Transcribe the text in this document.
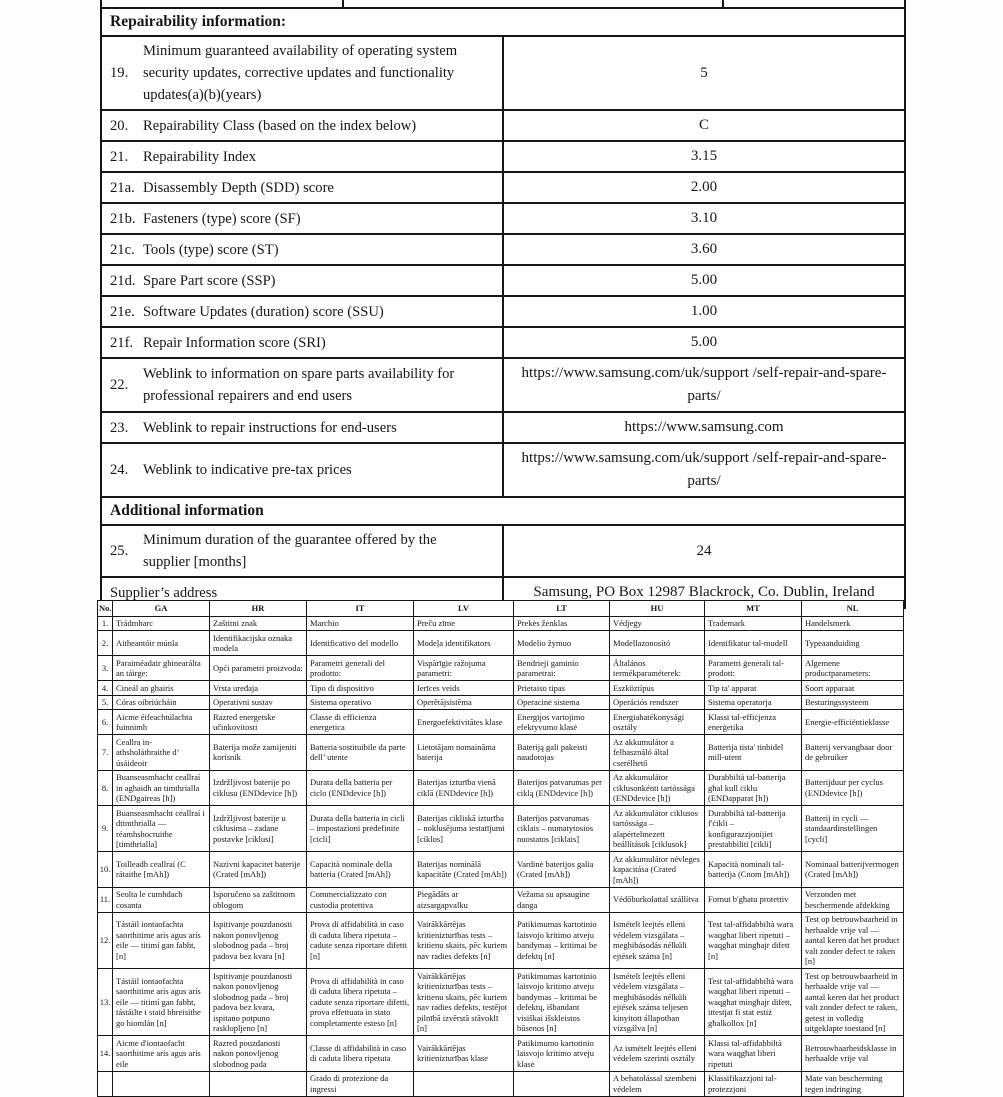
Repairability information:	

19.
Minimum guaranteed availability of operating system security updates, corrective updates and functionality updates(a)(b)(years)	5

20. Repairability Class (based on the index below)	C

21. Repairability Index	3.15

21a. Disassembly Depth (SDD) score	2.00

21b. Fasteners (type) score (SF)	3.10

21c. Tools (type) score (ST)	3.60

21d. Spare Part score (SSP)	5.00

21e. Software Updates (duration) score (SSU)	1.00

21f. Repair Information score (SRI)	5.00

22.
Weblink to information on spare parts availability for professional repairers and end users	https://www.samsung.com/uk/support /self-repair-and-spare-parts/

23. Weblink to repair instructions for end-users	https://www.samsung.com

24. Weblink to indicative pre-tax prices	https://www.samsung.com/uk/support /self-repair-and-spare-parts/
Additional information	

25.
Minimum duration of the guarantee offered by the supplier [months]	24

Supplier’s address	Samsung, PO Box 12987 Blackrock, Co. Dublin, Ireland
No.	GA	HR	IT	LV	LT	HU	MT	NL
1.	Trádmharc	Zaštitni znak	Marchio	Preču zīme	Prekės ženklas	Védjegy	Trademark	Handelsmerk
2.	Aitheantóir múnla	Identifikacijska oznaka modela	Identificativo del modello	Modeļa identifikators	Modelio žymuo	Modellazonosító	Identifikatur tal-mudell	Typeaanduiding
3.	Paraiméadair ghinearálta an táirge:	Opći parametri proizvoda:	Parametri generali del prodotto:	Vispārīgie ražojuma parametri:	Bendrieji gaminio parametrai:	Általános termékparaméterek:	Parametri ġenerali tal-prodott:	Algemene productparameters:
4.	Cineál an ghairis	Vrsta uređaja	Tipo di dispositivo	Ierīces veids	Prietaiso tipas	Eszköztípus	Tip ta' apparat	Soort apparaat
5.	Córas oibriúcháin	Operativni sustav	Sistema operativo	Operētājsistēma	Operacinė sistema	Operációs rendszer	Sistema operatorja	Besturingssysteem
6.	Aicme éifeachtúlachta fuinnimh	Razred energetske učinkovitosti	Classe di efficienza energetica	Energoefektivitātes klase	Energijos vartojimo efektyvumo klasė	Energiahatékonysági osztály	Klassi tal-effiċjenza enerġetika	Energie-efficiëntieklasse
7.	Ceallra in-athsholáthraithe d’ úsáideoir	Baterija može zamijeniti korisnik	Batteria sostituibile da parte dell’ utente	Lietotājam nomaināma baterija	Bateriją gali pakeisti naudotojas	Az akkumulátor a felhasználó által cserélhető	Batterija tista' tinbidel mill-utent	Batterij vervangbaar door de gebruiker
8.	Buanseasmhacht ceallraí in aghaidh an timthrialla (ENDgaireas [h])	Izdržljivost baterije po ciklusu (ENDdevice [h])	Durata della batteria per ciclo (ENDdevice [h])	Baterijas izturība vienā ciklā (ENDdevice [h])	Baterijos patvarumas per ciklą (ENDdevice [h])	Az akkumulátor ciklusonkénti tartóssága (ENDdevice [h])	Durabbiltà tal-batterija għal kull ċiklu (ENDapparat [h])	Batterijduur per cyclus (ENDdevice [h])
9.	Buanseasmhacht ceallraí i dtimthrialla — réamhshocruithe [timthrialla]	Izdržljivost baterije u ciklusima – zadane postavke [ciklusi]	Durata della batteria in cicli – impostazioni predefinite [cicli]	Baterijas cikliskā izturība – noklusējuma iestatījumi [ciklos]	Baterijos patvarumas ciklais – numatytosios nuostatos [ciklais]	Az akkumulátor ciklusos tartóssága – alapértelmezett beállítások [ciklusok]	Durabbiltà tal-batterija f'ċikli – konfigurazzjonijiet prestabbiliti [ċikli]	Batterij in cycli — standaardinstellingen [cycli]
10.	Toilleadh ceallraí (C rátaithe [mAh])	Nazivni kapacitet baterije (Crated [mAh])	Capacità nominale della batteria (Crated [mAh])	Baterijas nominālā kapacitāte (Crated [mAh])	Vardinė baterijos galia (Crated [mAh])	Az akkumulátor névleges kapacitása (Crated [mAh])	Kapaċità nominali tal-batterija (Cnom [mAh])	Nominaal batterijvermogen (Crated [mAh])
11.	Seolta le cumhdach cosanta	Isporučeno sa zaštitnom oblogom	Commercializzato con custodia protettiva	Piegādāts ar aizsargapvalku	Vežama su apsaugine danga	Védőburkolattal szállítva	Fornut b'għatu protettiv	Verzonden met beschermende afdekking
12.	Tástáil iontaofachta saorthitime arís agus arís eile — titimí gan fabht, [n]	Ispitivanje pouzdanosti nakon ponovljenog slobodnog pada – broj padova bez kvara [n]	Prova di affidabilità in caso di caduta libera ripetuta – cadute senza riportare difetti [n]	Vairākkārtējas kritienizturības tests – kritienu skaits, pēc kuriem nav radies defekts [n]	Patikimumas kartotinio laisvojo kritimo atveju bandymas – kritimai be defektų [n]	Ismételt leejtés elleni védelem vizsgálata – meghibásodás nélküli ejtések száma [n]	Test tal-affidabbiltà wara waqgħat liberi ripetuti – waqgħat mingħajr difett [n]	Test op betrouwbaarheid in herhaalde vrije val — aantal keren dat het product valt zonder defect te raken [n]
13.	Tástáil iontaofachta saorthitime arís agus arís eile — titimí gan fabht, tástáilte i staid bhreisithe go hiomlán [n]	Ispitivanje pouzdanosti nakon ponovljenog slobodnog pada – broj padova bez kvara, ispitano potpuno rasklopljeno [n]	Prova di affidabilità in caso di caduta libera ripetuta – cadute senza riportare difetti, prova effettuata in stato completamente esteso [n]	Vairākkārtējas kritienizturības tests – kritienu skaits, pēc kuriem nav radies defekts, testējot pilnībā izvērstā stāvoklī [n]	Patikimumas kartotinio laisvojo kritimo atveju bandymas – kritimai be defektų, išbandant visiškai išskleistos būsenos [n]	Ismételt leejtés elleni védelem vizsgálata – meghibásodás nélküli ejtések száma teljesen kinyitott állapotban vizsgálva [n]	Test tal-affidabbiltà wara waqgħat liberi ripetuti – waqgħat mingħajr difett, ittestjat fi stat estiż għalkollox [n]	Test op betrouwbaarheid in herhaalde vrije val — aantal keren dat het product valt zonder defect te raken, getest in volledig uitgeklapte toestand [n]
14.	Aicme d'iontaofacht saorthitime arís agus arís eile	Razred pouzdanosti nakon ponovljenog slobodnog pada	Classe di affidabilità in caso di caduta libera ripetuta	Vairākkārtējas kritienizturības klase	Patikimumo kartotinio laisvojo kritimo atveju klasė	Az ismételt leejtés elleni védelem szerinti osztály	Klassi tal-affidabbiltà wara waqgħat liberi ripetuti	Betrouwbaarheidsklasse in herhaalde vrije val
			Grado di protezione da ingressi			A behatolással szembeni védelem	Klassifikazzjoni tal-protezzjoni	Mate van bescherming tegen indringing
